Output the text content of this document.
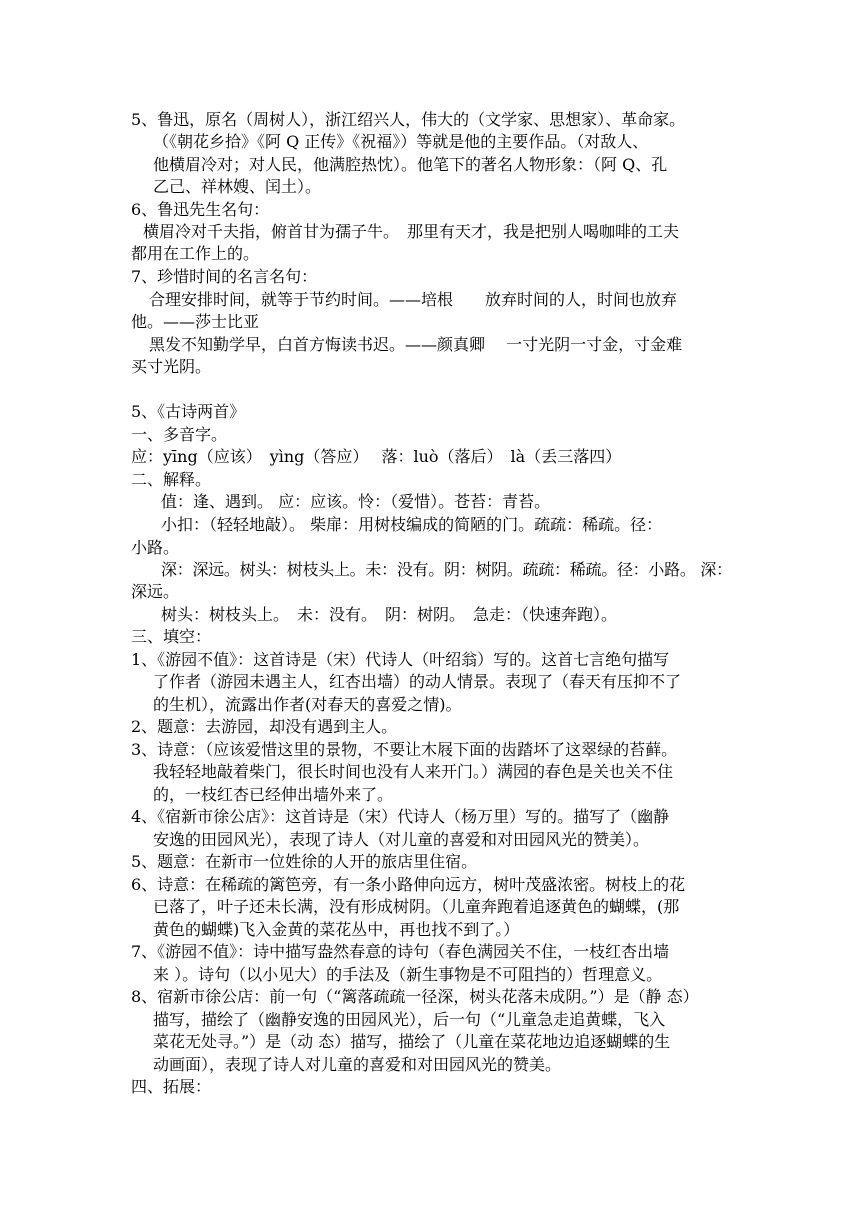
5、鲁迅，原名（周树人），浙江绍兴人，伟大的（文学家、思想家）、革命家。
（《朝花乡拾》《阿 Q 正传》《祝福》）等就是他的主要作品。（对敌人、
他横眉冷对；对人民，他满腔热忱）。他笔下的著名人物形象：（阿 Q、孔
乙己、祥林嫂、闰土）。
6、鲁迅先生名句：
横眉冷对千夫指，俯首甘为孺子牛。　那里有天才，我是把别人喝咖啡的工夫
都用在工作上的。
7、珍惜时间的名言名句：
合理安排时间，就等于节约时间。——培根　　放弃时间的人，时间也放弃
他。——莎士比亚
黑发不知勤学早，白首方悔读书迟。——颜真卿　 一寸光阴一寸金，寸金难
买寸光阴。
5、《古诗两首》
一、多音字。
应：yīng（应该）　yìng（答应）　 落：luò（落后）　là（丢三落四）
二、解释。
值：逢、遇到。 应：应该。怜：（爱惜）。苍苔：青苔。
小扣：（轻轻地敲）。 柴扉：用树枝编成的简陋的门。疏疏：稀疏。径：
小路。
深：深远。树头：树枝头上。未：没有。阴：树阴。疏疏：稀疏。径：小路。 深：
深远。
树头：树枝头上。　未：没有。　阴：树阴。　急走：（快速奔跑）。
三、填空：
1、《游园不值》：这首诗是（宋）代诗人（叶绍翁）写的。这首七言绝句描写
了作者（游园未遇主人，红杏出墙）的动人情景。表现了（春天有压抑不了
的生机），流露出作者(对春天的喜爱之情)。
2、题意：去游园，却没有遇到主人。
3、诗意：（应该爱惜这里的景物，不要让木屐下面的齿踏坏了这翠绿的苔藓。
我轻轻地敲着柴门，很长时间也没有人来开门。）满园的春色是关也关不住
的，一枝红杏已经伸出墙外来了。
4、《宿新市徐公店》：这首诗是（宋）代诗人（杨万里）写的。描写了（幽静
安逸的田园风光），表现了诗人（对儿童的喜爱和对田园风光的赞美）。
5、题意：在新市一位姓徐的人开的旅店里住宿。
6、诗意：在稀疏的篱笆旁，有一条小路伸向远方，树叶茂盛浓密。树枝上的花
已落了，叶子还未长满，没有形成树阴。（儿童奔跑着追逐黄色的蝴蝶，(那
黄色的蝴蝶)飞入金黄的菜花丛中，再也找不到了。）
7、《游园不值》：诗中描写盎然春意的诗句（春色满园关不住，一枝红杏出墙
来 ）。诗句（以小见大）的手法及（新生事物是不可阻挡的）哲理意义。
8、宿新市徐公店：前一句（“篱落疏疏一径深，树头花落未成阴。”）是（静 态）
描写，描绘了（幽静安逸的田园风光），后一句（“儿童急走追黄蝶，飞入
菜花无处寻。”）是（动 态）描写，描绘了（儿童在菜花地边追逐蝴蝶的生
动画面），表现了诗人对儿童的喜爱和对田园风光的赞美。
四、拓展：
